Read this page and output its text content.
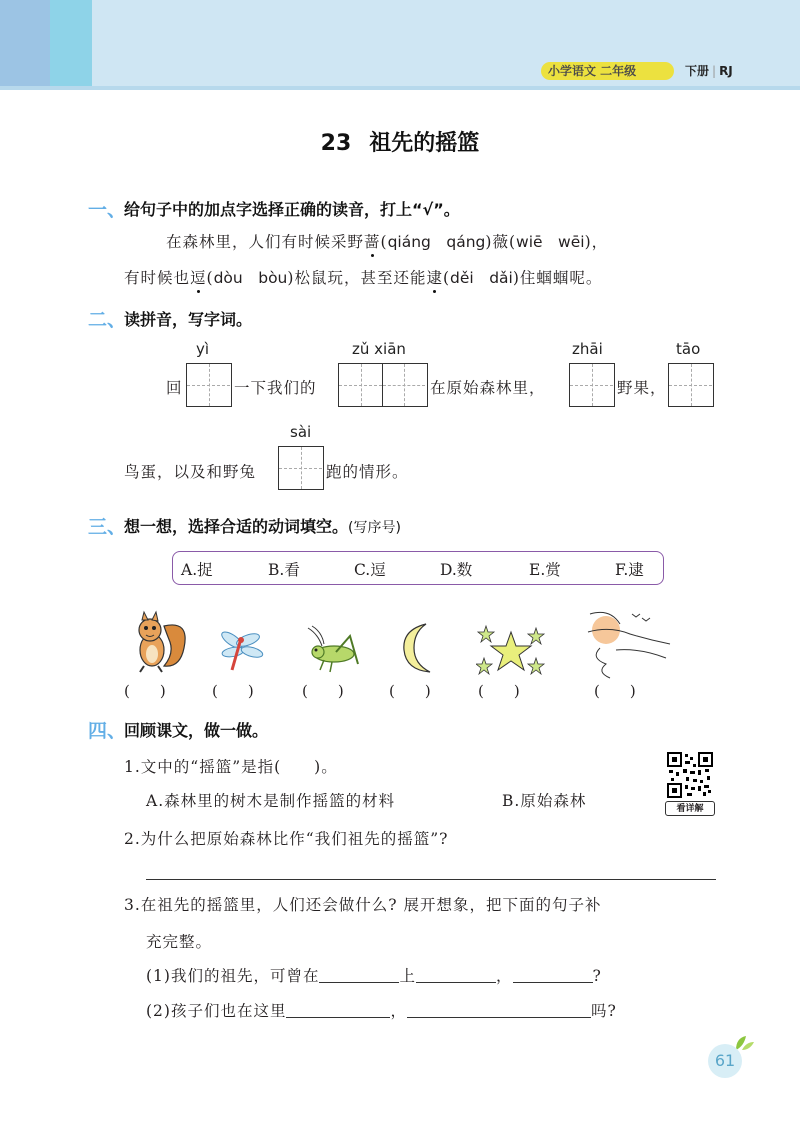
小学语文 二年级	下册 | RJ
23 祖先的摇篮
一、
给句子中的加点字选择正确的读音，打上“√”。
在森林里，人们有时候采野蔷(qiáng　qáng)薇(wiē　wēi)，
有时候也逗(dòu　bòu)松鼠玩，甚至还能逮(děi　dǎi)住蝈蝈呢。
二、
读拼音，写字词。
yì	zǔ xiān	zhāi	tāo
回	一下我们的	在原始森林里，	野果，
sài
鸟蛋，以及和野兔	跑的情形。
三、
想一想，选择合适的动词填空。(写序号)
A.捉	B.看	C.逗	D.数	E.赏	F.逮
(　　)	(　　)	(　　)	(　　)	(　　)	(　　)
四、
回顾课文，做一做。
1.文中的“摇篮”是指(　　)。
A.森林里的树木是制作摇篮的材料	B.原始森林	看详解
2.为什么把原始森林比作“我们祖先的摇篮”?
3.在祖先的摇篮里，人们还会做什么? 展开想象，把下面的句子补
充完整。
(1)我们的祖先，可曾在	上	，	?
(2)孩子们也在这里	，	吗?
61
